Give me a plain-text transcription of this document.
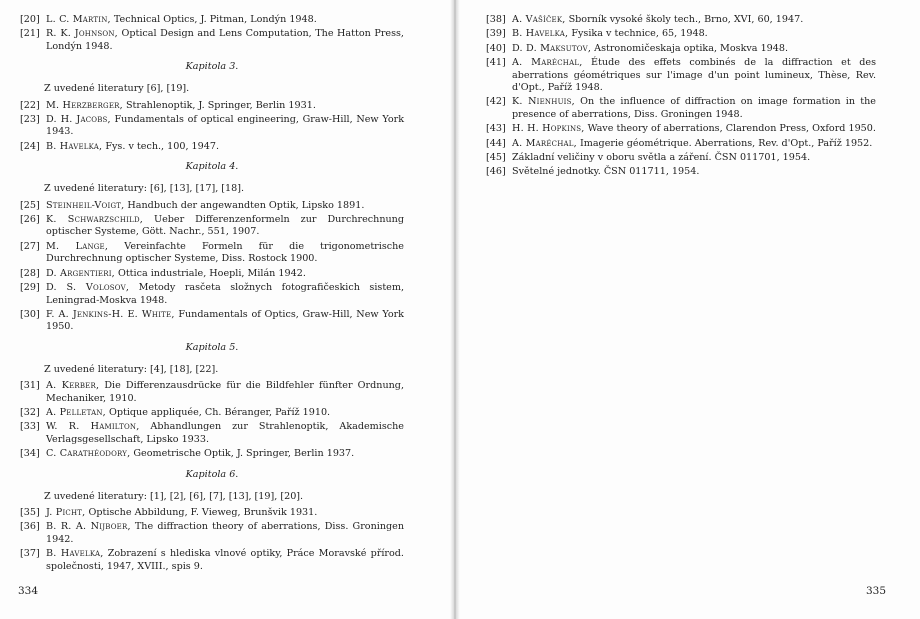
[20] L. C. Martin, Technical Optics, J. Pitman, Londýn 1948.

[21] R. K. Johnson, Optical Design and Lens Computation, The Hatton Press, Londýn 1948.

Kapitola 3.
Z uvedené literatury [6], [19].

[22] M. Herzberger, Strahlenoptik, J. Springer, Berlin 1931.

[23] D. H. Jacobs, Fundamentals of optical engineering, Graw-Hill, New York 1943.

[24] B. Havelka, Fys. v tech., 100, 1947.

Kapitola 4.
Z uvedené literatury: [6], [13], [17], [18].

[25] Steinheil-Voigt, Handbuch der angewandten Optik, Lipsko 1891.

[26] K. Schwarzschild, Ueber Differenzenformeln zur Durchrechnung optischer Systeme, Gött. Nachr., 551, 1907.

[27] M. Lange, Vereinfachte Formeln für die trigonometrische Durchrechnung optischer Systeme, Diss. Rostock 1900.

[28] D. Argentieri, Ottica industriale, Hoepli, Milán 1942.

[29] D. S. Volosov, Metody rasčeta složnych fotografičeskich sistem, Leningrad-Moskva 1948.

[30] F. A. Jenkins-H. E. White, Fundamentals of Optics, Graw-Hill, New York 1950.

Kapitola 5.
Z uvedené literatury: [4], [18], [22].

[31] A. Kerber, Die Differenzausdrücke für die Bildfehler fünfter Ordnung, Mechaniker, 1910.

[32] A. Pelletan, Optique appliquée, Ch. Béranger, Paříž 1910.

[33] W. R. Hamilton, Abhandlungen zur Strahlenoptik, Akademische Verlagsgesellschaft, Lipsko 1933.

[34] C. Carathéodory, Geometrische Optik, J. Springer, Berlin 1937.

Kapitola 6.
Z uvedené literatury: [1], [2], [6], [7], [13], [19], [20].

[35] J. Picht, Optische Abbildung, F. Vieweg, Brunšvik 1931.

[36] B. R. A. Nijboer, The diffraction theory of aberrations, Diss. Groningen 1942.

[37] B. Havelka, Zobrazení s hlediska vlnové optiky, Práce Moravské přírod. společnosti, 1947, XVIII., spis 9.

334

[38] A. Vašíček, Sborník vysoké školy tech., Brno, XVI, 60, 1947.

[39] B. Havelka, Fysika v technice, 65, 1948.

[40] D. D. Maksutov, Astronomičeskaja optika, Moskva 1948.

[41] A. Maréchal, Étude des effets combinés de la diffraction et des aberrations géométriques sur l'image d'un point lumineux, Thèse, Rev. d'Opt., Paříž 1948.

[42] K. Nienhuis, On the influence of diffraction on image formation in the presence of aberrations, Diss. Groningen 1948.

[43] H. H. Hopkins, Wave theory of aberrations, Clarendon Press, Oxford 1950.

[44] A. Maréchal, Imagerie géométrique. Aberrations, Rev. d'Opt., Paříž 1952.

[45] Základní veličiny v oboru světla a záření. ČSN 011701, 1954.

[46] Světelné jednotky. ČSN 011711, 1954.

335
